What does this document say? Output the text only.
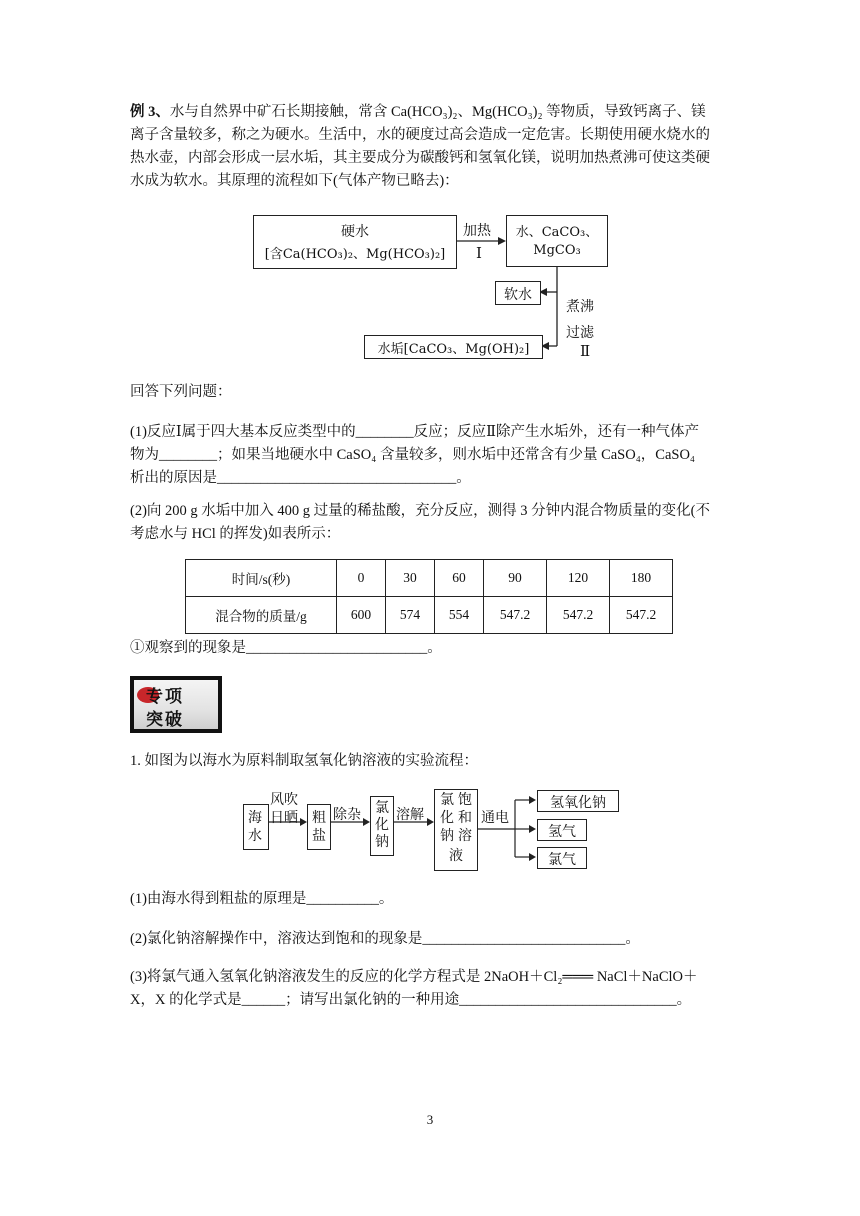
例 3、水与自然界中矿石长期接触，常含 Ca(HCO₃)₂、Mg(HCO₃)₂ 等物质，导致钙离子、镁
离子含量较多，称之为硬水。生活中，水的硬度过高会造成一定危害。长期使用硬水烧水的
热水壶，内部会形成一层水垢，其主要成分为碳酸钙和氢氧化镁，说明加热煮沸可使这类硬
水成为软水。其原理的流程如下(气体产物已略去)：
硬水
[含Ca(HCO₃)₂、Mg(HCO₃)₂]
加热
Ⅰ
水、CaCO₃、
MgCO₃
软水
煮沸
过滤
Ⅱ
水垢[CaCO₃、Mg(OH)₂]
回答下列问题：
(1)反应Ⅰ属于四大基本反应类型中的________反应；反应Ⅱ除产生水垢外，还有一种气体产
物为________；如果当地硬水中 CaSO₄ 含量较多，则水垢中还常含有少量 CaSO₄，CaSO₄
析出的原因是_________________________________。
(2)向 200 g 水垢中加入 400 g 过量的稀盐酸，充分反应，测得 3 分钟内混合物质量的变化(不
考虑水与 HCl 的挥发)如表所示：
时间/s(秒)	0	30	60	90	120	180
混合物的质量/g	600	574	554	547.2	547.2	547.2
①观察到的现象是_________________________。
专项
突破
1. 如图为以海水为原料制取氢氧化钠溶液的实验流程：
海
水
风吹
日晒 粗
盐
除杂 氯
化
钠
溶解
氯 饱
化 和
钠 溶
液
通电
氢氧化钠
氢气
氯气
(1)由海水得到粗盐的原理是__________。
(2)氯化钠溶解操作中，溶液达到饱和的现象是____________________________。
(3)将氯气通入氢氧化钠溶液发生的反应的化学方程式是 2NaOH＋Cl₂═══ NaCl＋NaClO＋
X，X 的化学式是______；请写出氯化钠的一种用途______________________________。
3
